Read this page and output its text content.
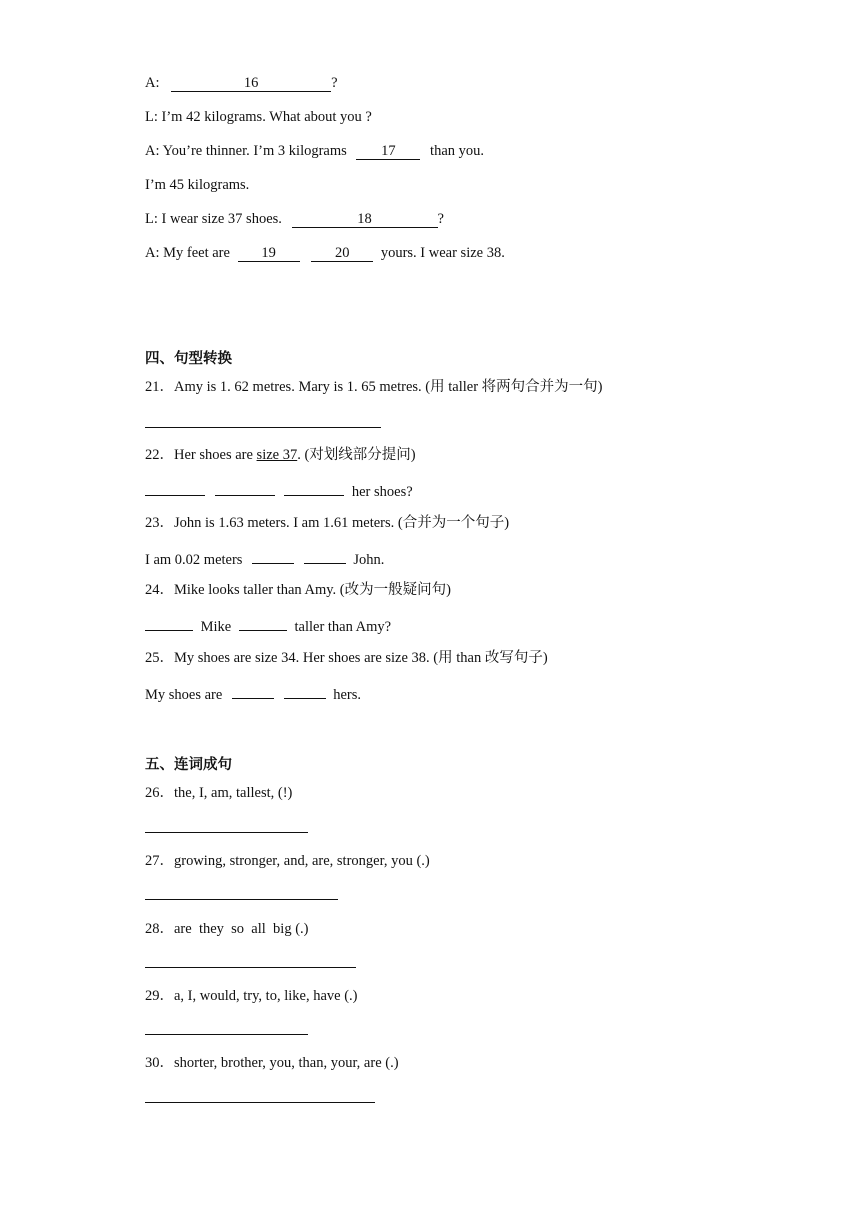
A:	16	?
L: I’m 42 kilograms. What about you ?
A: You’re thinner. I’m 3 kilograms 17 than you.
I’m 45 kilograms.
L: I wear size 37 shoes.	18	?
A: My feet are 19	20 yours. I wear size 38.
四、句型转换
21．Amy is 1. 62 metres. Mary is 1. 65 metres. (用 taller 将两句合并为一句)
22．Her shoes are size 37. (对划线部分提问)
her shoes?
23．John is 1.63 meters. I am 1.61 meters. (合并为一个句子)
I am 0.02 meters	John.
24．Mike looks taller than Amy. (改为一般疑问句)
Mike	taller than Amy?
25．My shoes are size 34. Her shoes are size 38. (用 than 改写句子)
My shoes are	hers.
五、连词成句
26．the, I, am, tallest, (!)
27．growing, stronger, and, are, stronger, you (.)
28．are  they  so  all  big (.)
29．a, I, would, try, to, like, have (.)
30．shorter, brother, you, than, your, are (.)
